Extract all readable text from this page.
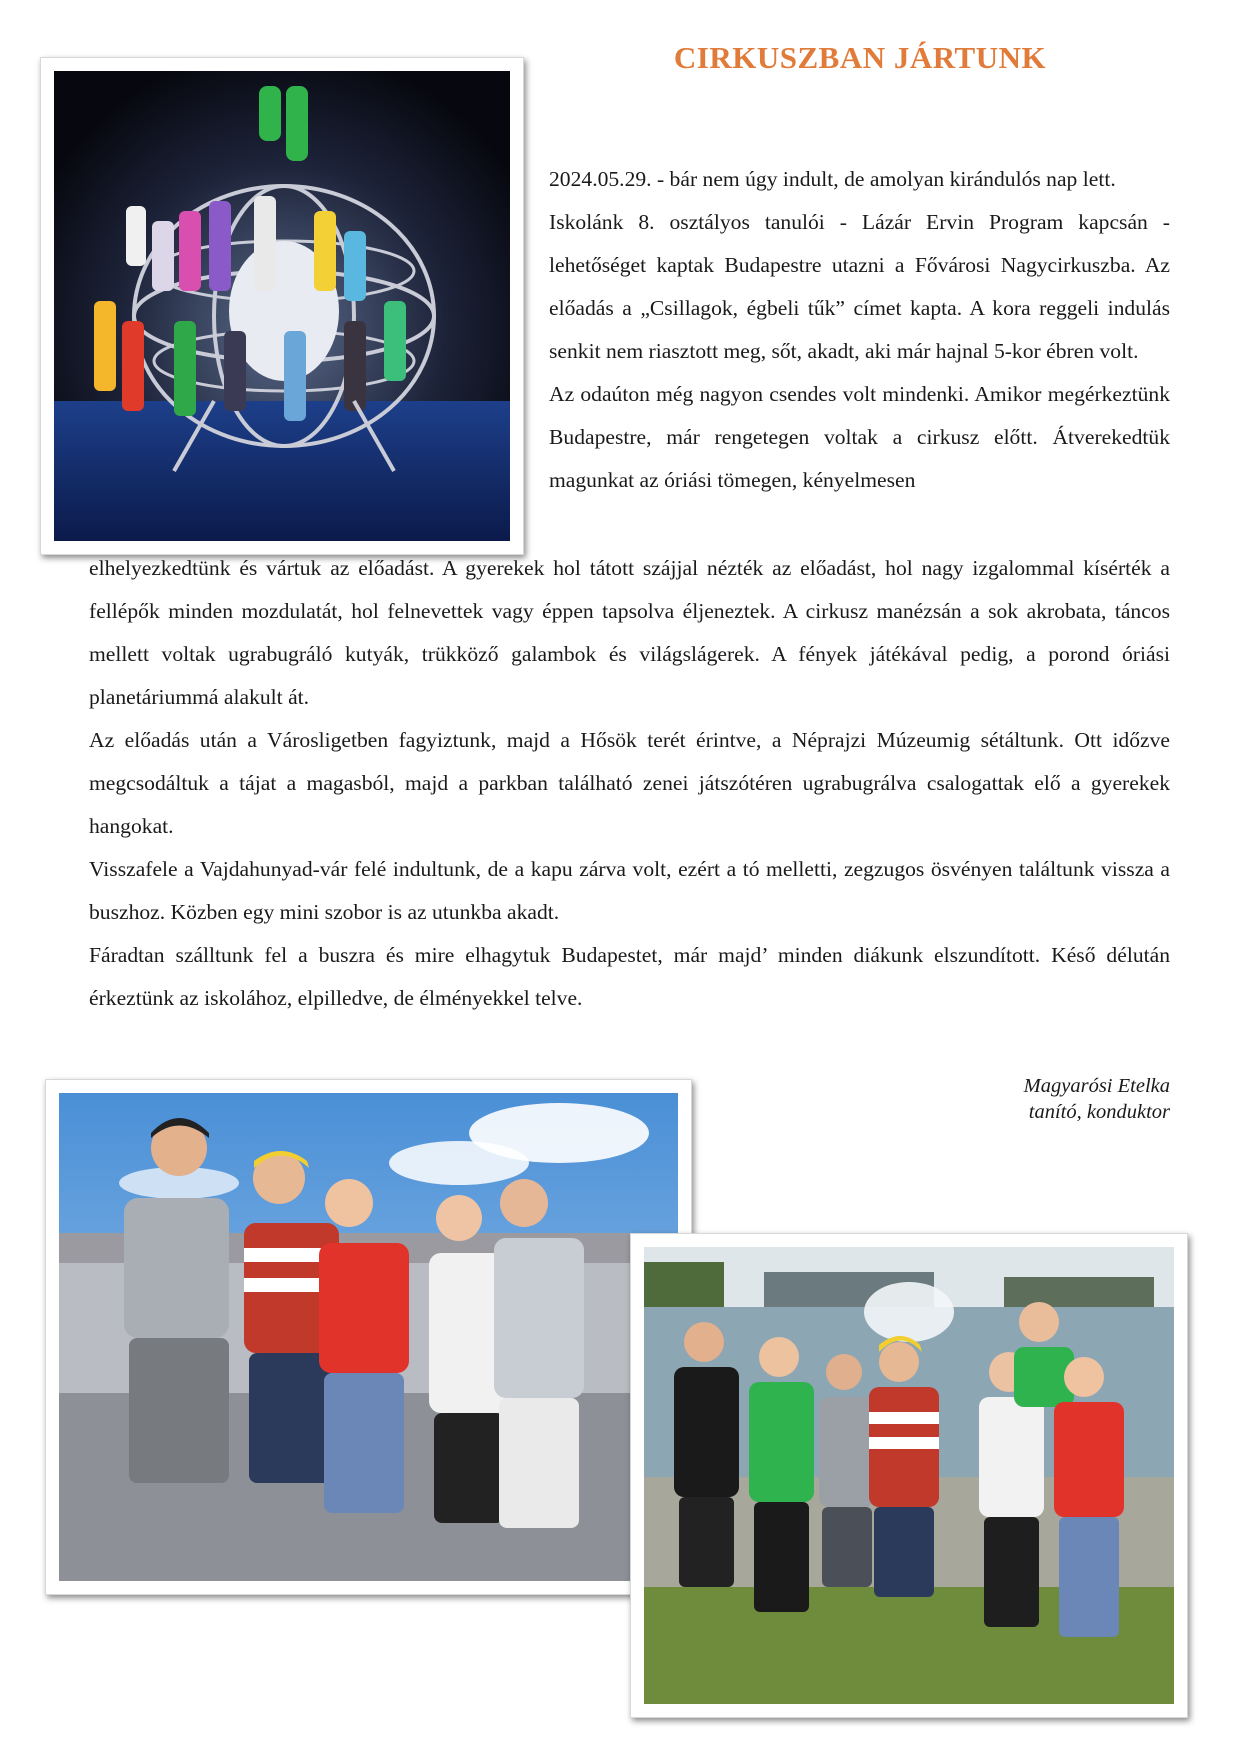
CIRKUSZBAN JÁRTUNK

2024.05.29. - bár nem úgy indult, de amolyan kirándulós nap lett.

Iskolánk 8. osztályos tanulói - Lázár Ervin Program kapcsán - lehetőséget kaptak Budapestre utazni a Fővárosi Nagycirkuszba. Az előadás a „Csillagok, égbeli tűk” címet kapta. A kora reggeli indulás senkit nem riasztott meg, sőt, akadt, aki már hajnal 5-kor ébren volt.

Az odaúton még nagyon csendes volt mindenki. Amikor megérkeztünk Budapestre, már rengetegen voltak a cirkusz előtt. Átverekedtük magunkat az óriási tömegen, kényelmesen

elhelyezkedtünk és vártuk az előadást. A gyerekek hol tátott szájjal nézték az előadást, hol nagy izgalommal kísérték a fellépők minden mozdulatát, hol felnevettek vagy éppen tapsolva éljeneztek. A cirkusz manézsán a sok akrobata, táncos mellett voltak ugrabugráló kutyák, trükköző galambok és világslágerek. A fények játékával pedig, a porond óriási planetáriummá alakult át.

Az előadás után a Városligetben fagyiztunk, majd a Hősök terét érintve, a Néprajzi Múzeumig sétáltunk. Ott időzve megcsodáltuk a tájat a magasból, majd a parkban található zenei játszótéren ugrabugrálva csalogattak elő a gyerekek hangokat.

Visszafele a Vajdahunyad-vár felé indultunk, de a kapu zárva volt, ezért a tó melletti, zegzugos ösvényen találtunk vissza a buszhoz. Közben egy mini szobor is az utunkba akadt.

Fáradtan szálltunk fel a buszra és mire elhagytuk Budapestet, már majd’ minden diákunk elszundított. Késő délután érkeztünk az iskolához, elpilledve, de élményekkel telve.

Magyarósi Etelka
tanító, konduktor
